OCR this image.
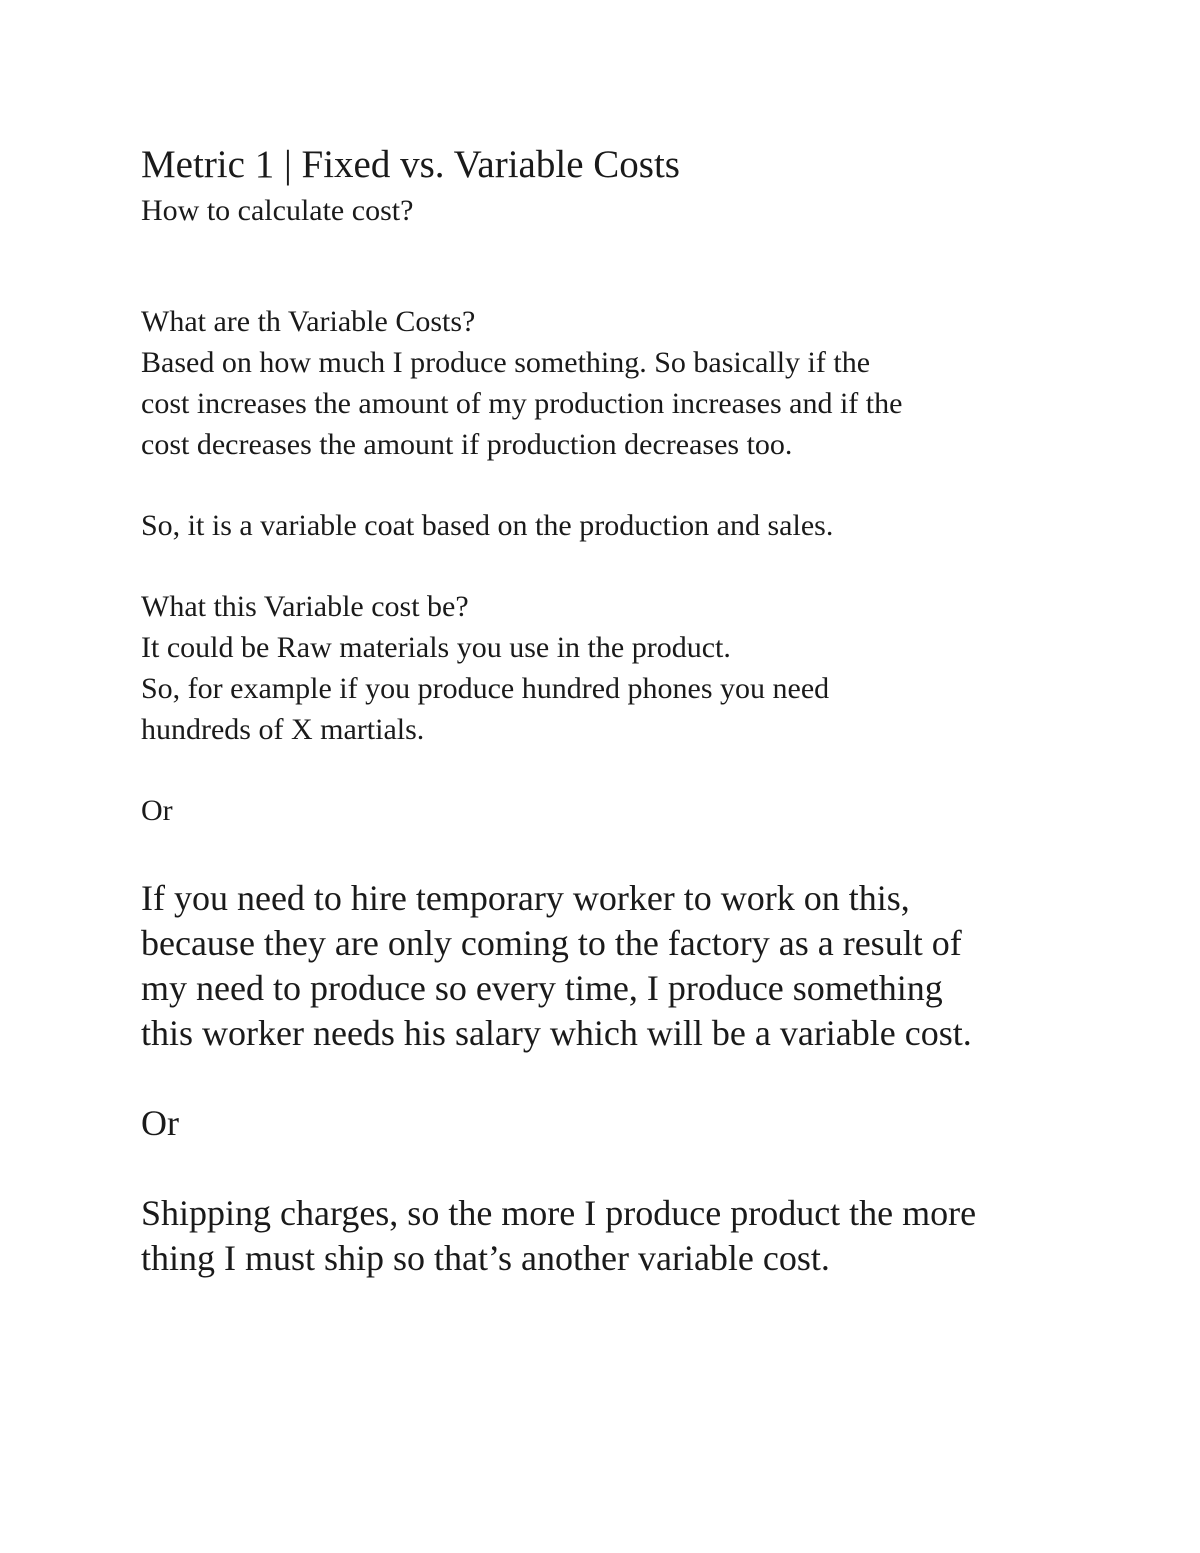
Metric 1 | Fixed vs. Variable Costs

How to calculate cost?

What are th Variable Costs?

Based on how much I produce something. So basically if the

cost increases the amount of my production increases and if the

cost decreases the amount if production decreases too.

So, it is a variable coat based on the production and sales.

What this Variable cost be?

It could be Raw materials you use in the product.

So, for example if you produce hundred phones you need

hundreds of X martials.

Or

If you need to hire temporary worker to work on this,

because they are only coming to the factory as a result of

my need to produce so every time, I produce something

this worker needs his salary which will be a variable cost.

Or

Shipping charges, so the more I produce product the more

thing I must ship so that’s another variable cost.
